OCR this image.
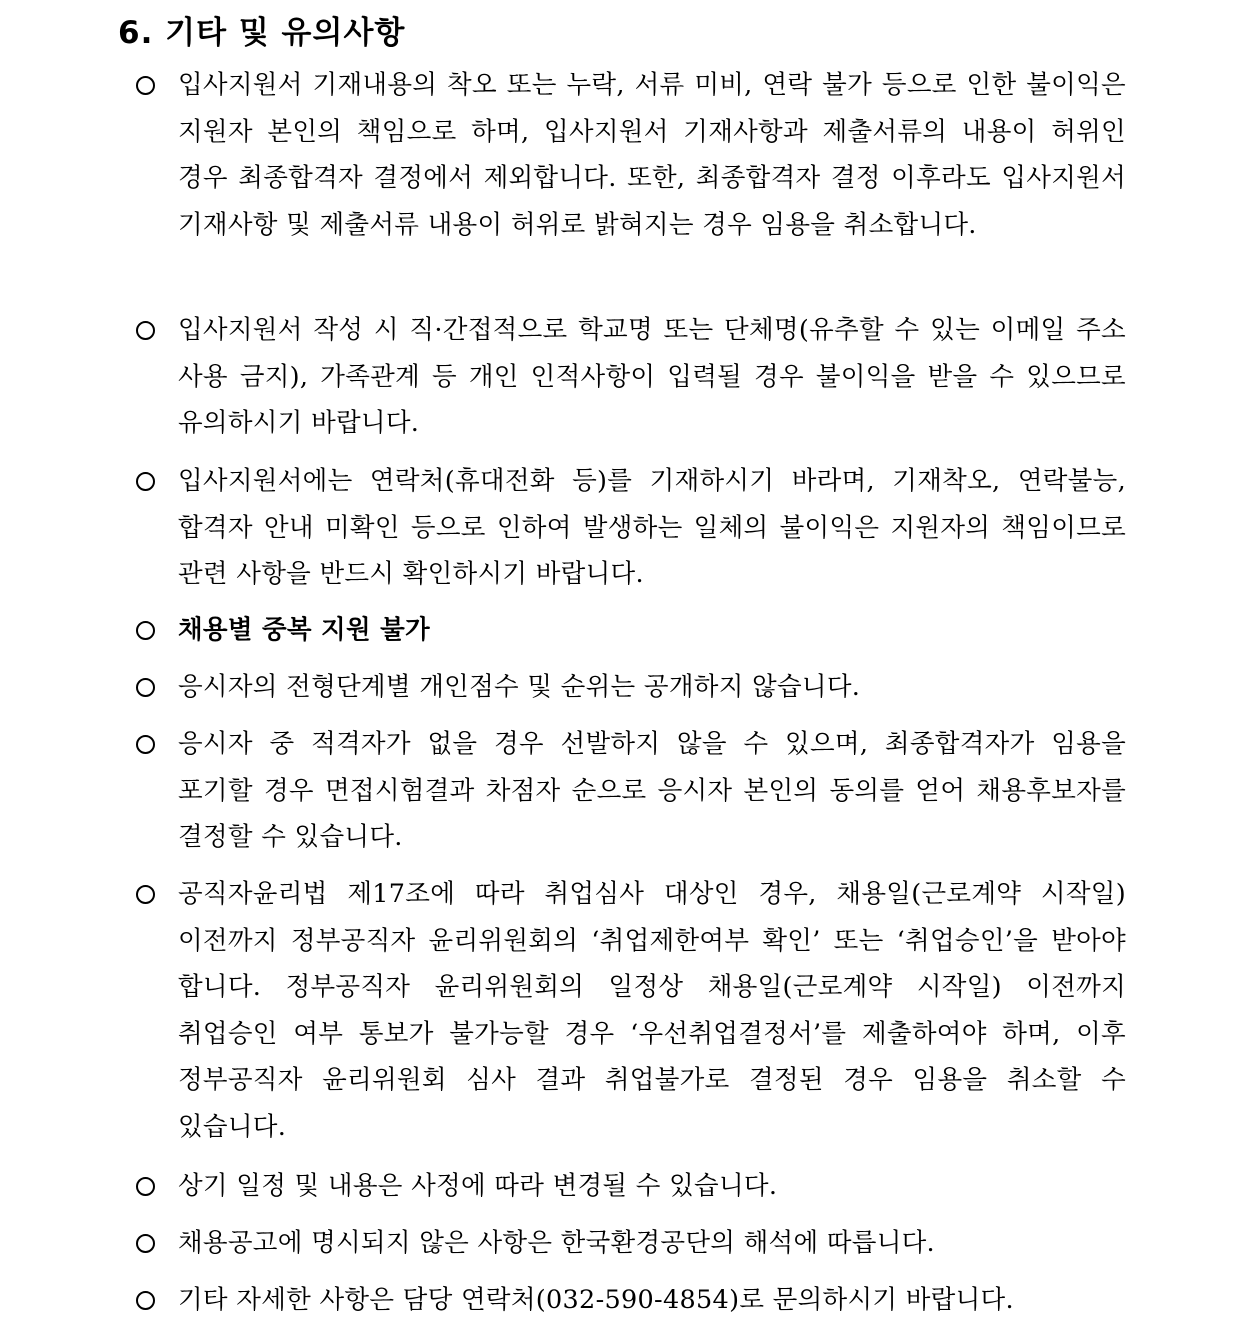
6. 기타 및 유의사항
입사지원서 기재내용의 착오 또는 누락, 서류 미비, 연락 불가 등으로 인한 불이익은 지원자 본인의 책임으로 하며, 입사지원서 기재사항과 제출서류의 내용이 허위인 경우 최종합격자 결정에서 제외합니다. 또한, 최종합격자 결정 이후라도 입사지원서 기재사항 및 제출서류 내용이 허위로 밝혀지는 경우 임용을 취소합니다.
입사지원서 작성 시 직·간접적으로 학교명 또는 단체명(유추할 수 있는 이메일 주소 사용 금지), 가족관계 등 개인 인적사항이 입력될 경우 불이익을 받을 수 있으므로 유의하시기 바랍니다.
입사지원서에는 연락처(휴대전화 등)를 기재하시기 바라며, 기재착오, 연락불능, 합격자 안내 미확인 등으로 인하여 발생하는 일체의 불이익은 지원자의 책임이므로 관련 사항을 반드시 확인하시기 바랍니다.
채용별 중복 지원 불가
응시자의 전형단계별 개인점수 및 순위는 공개하지 않습니다.
응시자 중 적격자가 없을 경우 선발하지 않을 수 있으며, 최종합격자가 임용을 포기할 경우 면접시험결과 차점자 순으로 응시자 본인의 동의를 얻어 채용후보자를 결정할 수 있습니다.
공직자윤리법 제17조에 따라 취업심사 대상인 경우, 채용일(근로계약 시작일) 이전까지 정부공직자 윤리위원회의 ‘취업제한여부 확인’ 또는 ‘취업승인’을 받아야 합니다. 정부공직자 윤리위원회의 일정상 채용일(근로계약 시작일) 이전까지 취업승인 여부 통보가 불가능할 경우 ‘우선취업결정서’를 제출하여야 하며, 이후 정부공직자 윤리위원회 심사 결과 취업불가로 결정된 경우 임용을 취소할 수 있습니다.
상기 일정 및 내용은 사정에 따라 변경될 수 있습니다.
채용공고에 명시되지 않은 사항은 한국환경공단의 해석에 따릅니다.
기타 자세한 사항은 담당 연락처(032-590-4854)로 문의하시기 바랍니다.
